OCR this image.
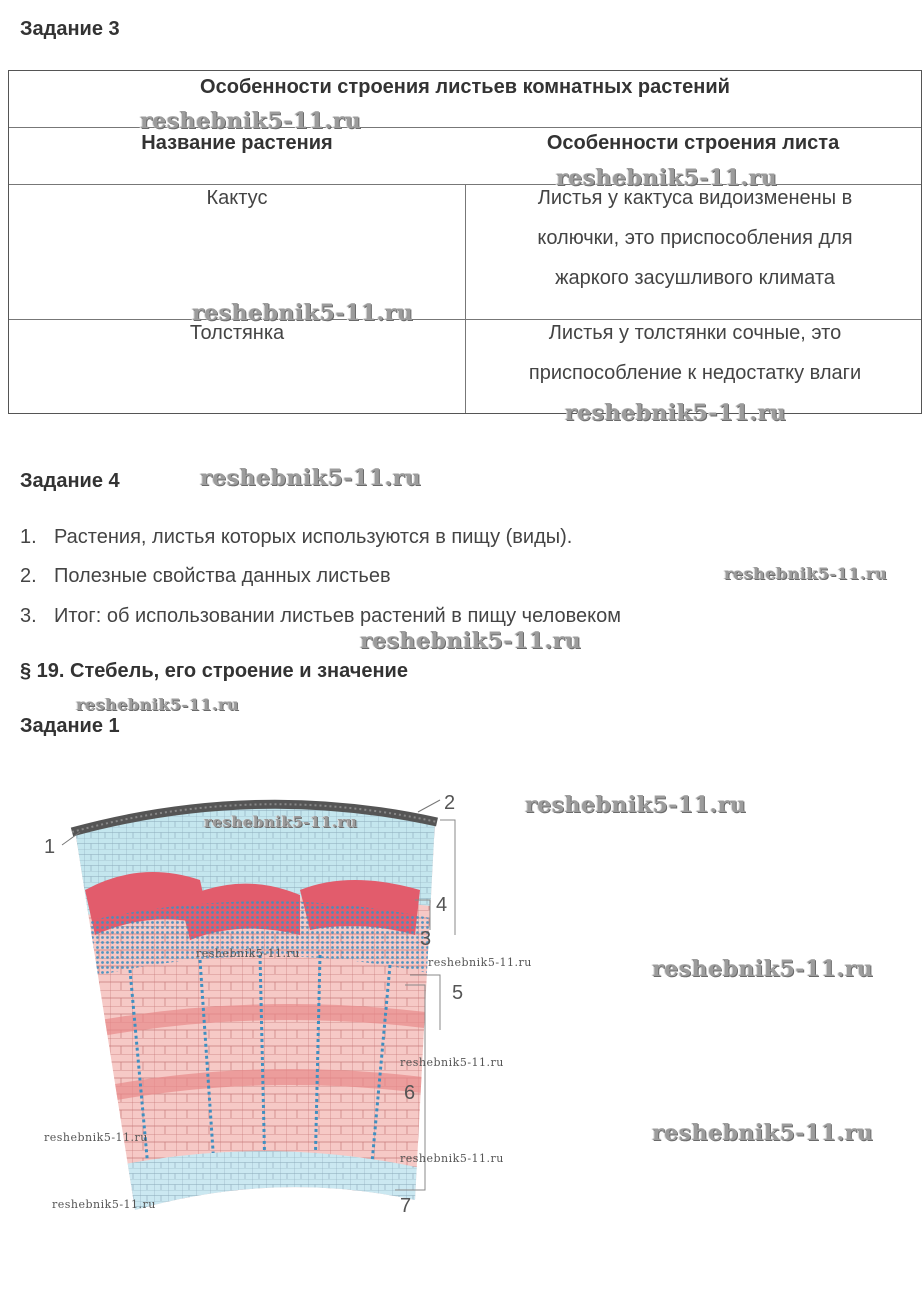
Задание 3
Особенности строения листьев комнатных растений
Название растения	Особенности строения листа
Кактус	Листья у кактуса видоизменены в колючки, это приспособления для жаркого засушливого климата
Толстянка	Листья у толстянки сочные, это приспособление к недостатку влаги
Задание 4
1. Растения, листья которых используются в пищу (виды).
2. Полезные свойства данных листьев
3. Итог: об использовании листьев растений в пищу человеком
§ 19. Стебель, его строение и значение
Задание 1
1
2
3
4
5
6
7
reshebnik5-11.ru
reshebnik5-11.ru
reshebnik5-11.ru
reshebnik5-11.ru
reshebnik5-11.ru
reshebnik5-11.ru
reshebnik5-11.ru
reshebnik5-11.ru
reshebnik5-11.ru
reshebnik5-11.ru
reshebnik5-11.ru
reshebnik5-11.ru	reshebnik5-11.ru
reshebnik5-11.ru
reshebnik5-11.ru
reshebnik5-11.ru
reshebnik5-11.ru
reshebnik5-11.ru
